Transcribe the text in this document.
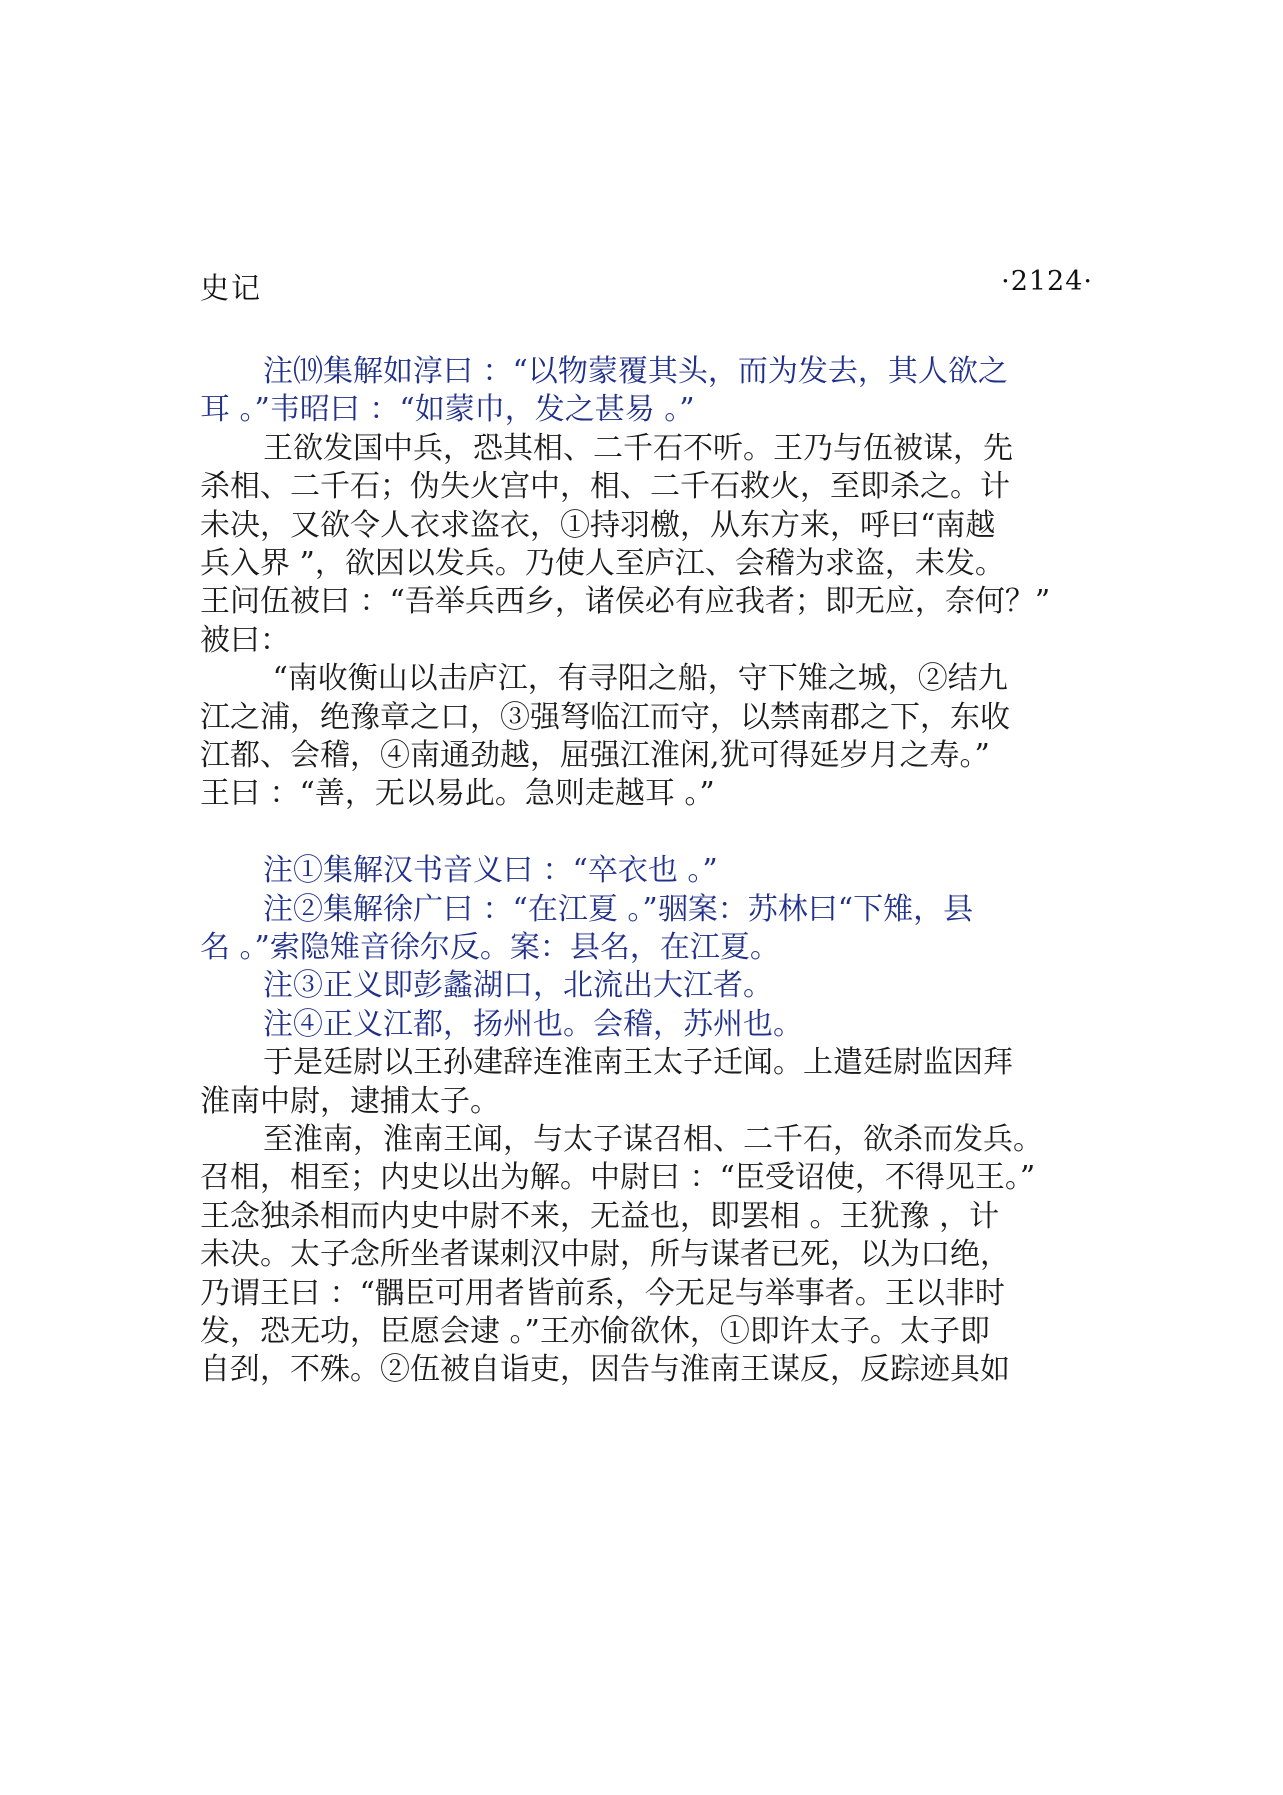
史记	·2124·
注⒆集解如淳曰 ：“以物蒙覆其头，而为发去，其人欲之
耳 。”韦昭曰 ：“如蒙巾，发之甚易 。”
王欲发国中兵，恐其相、二千石不听。王乃与伍被谋，先
杀相、二千石；伪失火宫中，相、二千石救火，至即杀之。计
未决，又欲令人衣求盗衣，①持羽檄，从东方来，呼曰“南越
兵入界 ”，欲因以发兵。乃使人至庐江、会稽为求盗，未发。
王问伍被曰 ：“吾举兵西乡，诸侯必有应我者；即无应，奈何？”
被曰：
“南收衡山以击庐江，有寻阳之船，守下雉之城，②结九
江之浦，绝豫章之口，③强弩临江而守，以禁南郡之下，东收
江都、会稽，④南通劲越，屈强江淮闲,犹可得延岁月之寿。”
王曰 ：“善，无以易此。急则走越耳 。”
注①集解汉书音义曰 ：“卒衣也 。”
注②集解徐广曰 ：“在江夏 。”骃案：苏林曰“下雉，县
名 。”索隐雉音徐尔反。案：县名，在江夏。
注③正义即彭蠡湖口，北流出大江者。
注④正义江都，扬州也。会稽，苏州也。
于是廷尉以王孙建辞连淮南王太子迁闻。上遣廷尉监因拜
淮南中尉，逮捕太子。
至淮南，淮南王闻，与太子谋召相、二千石，欲杀而发兵。
召相，相至；内史以出为解。中尉曰 ：“臣受诏使，不得见王。”
王念独杀相而内史中尉不来，无益也，即罢相 。王犹豫 ，计
未决。太子念所坐者谋刺汉中尉，所与谋者已死，以为口绝，
乃谓王曰 ：“髃臣可用者皆前系，今无足与举事者。王以非时
发，恐无功，臣愿会逮 。”王亦偷欲休，①即许太子。太子即
自刭，不殊。②伍被自诣吏，因告与淮南王谋反，反踪迹具如
